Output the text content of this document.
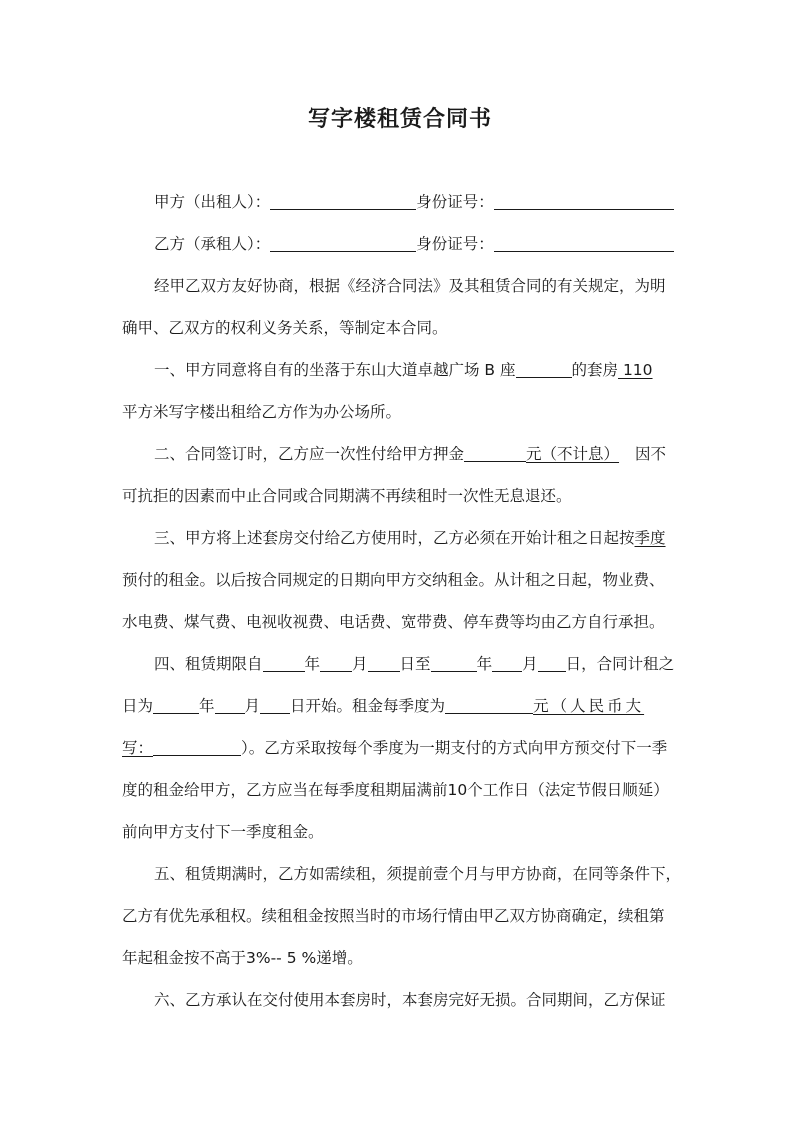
写字楼租赁合同书
甲方（出租人）：	身份证号：
乙方（承租人）：	身份证号：
经甲乙双方友好协商，根据《经济合同法》及其租赁合同的有关规定，为明
确甲、乙双方的权利义务关系，等制定本合同。
一、甲方同意将自有的坐落于东山大道卓越广场 B 座	的套房 110
平方米写字楼出租给乙方作为办公场所。
二、合同签订时，乙方应一次性付给甲方押金	元（不计息） 因不
可抗拒的因素而中止合同或合同期满不再续租时一次性无息退还。
三、甲方将上述套房交付给乙方使用时，乙方必须在开始计租之日起按季度
预付的租金。以后按合同规定的日期向甲方交纳租金。从计租之日起，物业费、
水电费、煤气费、电视收视费、电话费、宽带费、停车费等均由乙方自行承担。
四、租赁期限自	年 月 日至	年 月 日，合同计租之
日为	年 月 日开始。租金每季度为	元（人民币大
写：	）。乙方采取按每个季度为一期支付的方式向甲方预交付下一季
度的租金给甲方，乙方应当在每季度租期届满前10个工作日（法定节假日顺延）
前向甲方支付下一季度租金。
五、租赁期满时，乙方如需续租，须提前壹个月与甲方协商，在同等条件下，
乙方有优先承租权。续租租金按照当时的市场行情由甲乙双方协商确定，续租第
年起租金按不高于3%-- 5 %递增。
六、乙方承认在交付使用本套房时，本套房完好无损。合同期间，乙方保证
